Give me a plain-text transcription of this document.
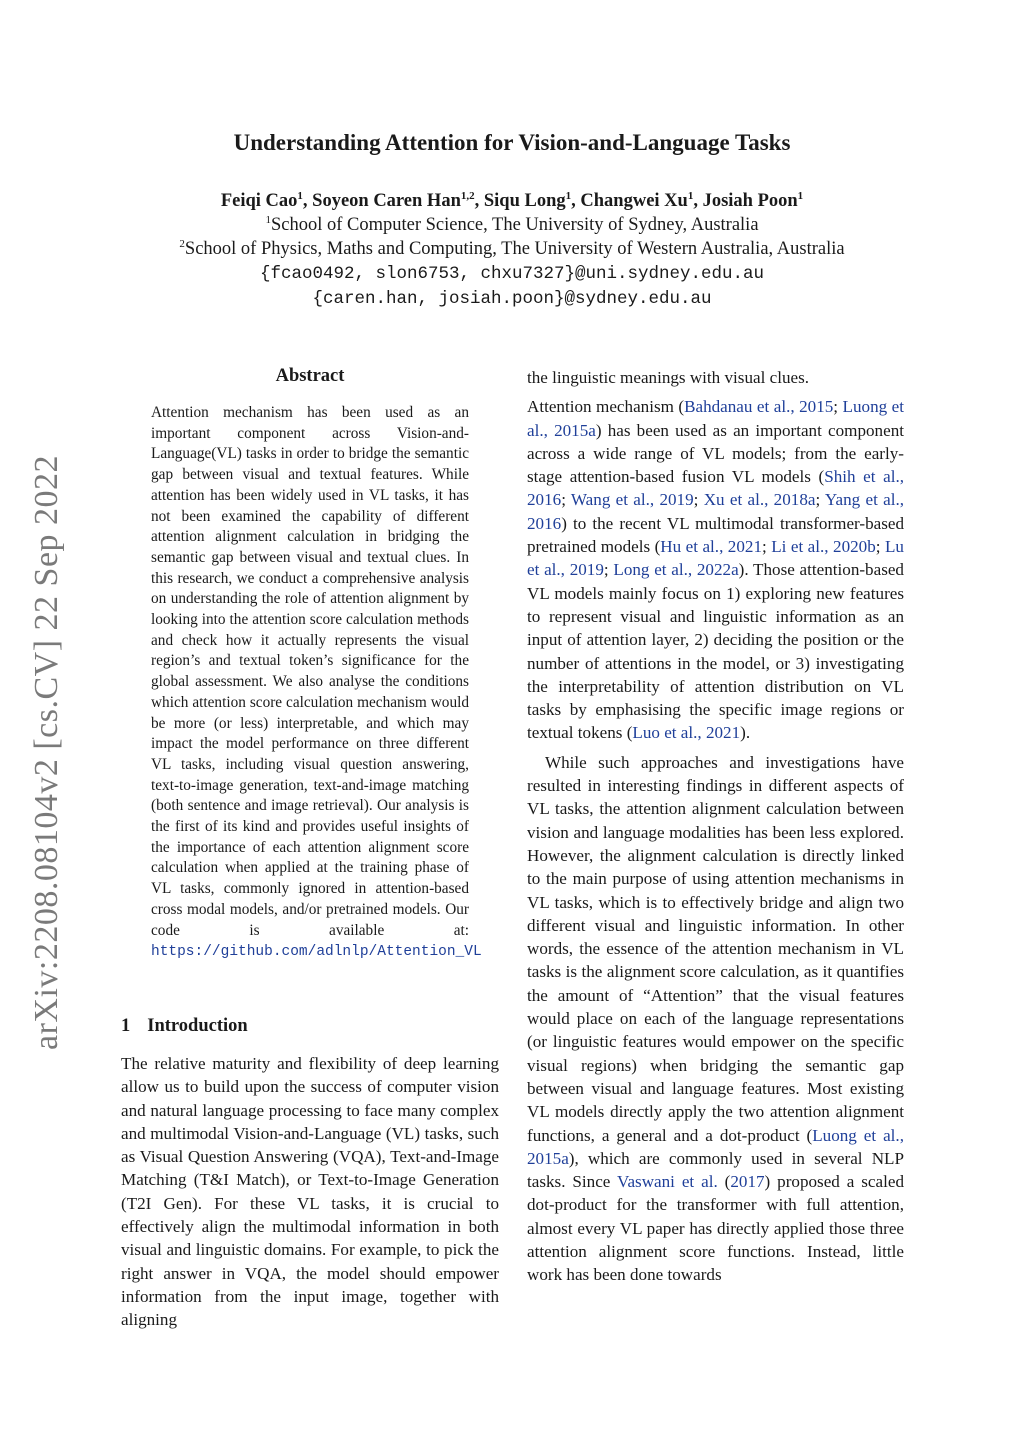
arXiv:2208.08104v2 [cs.CV] 22 Sep 2022

Understanding Attention for Vision-and-Language Tasks
Feiqi Cao$^1$, Soyeon Caren Han$^{1,2}$, Siqu Long$^1$, Changwei Xu$^1$, Josiah Poon$^1$
$^1$School of Computer Science, The University of Sydney, Australia
$^2$School of Physics, Maths and Computing, The University of Western Australia, Australia
{fcao0492, slon6753, chxu7327}@uni.sydney.edu.au
{caren.han, josiah.poon}@sydney.edu.au
Abstract

Attention mechanism has been used as an important component across Vision-and-Language(VL) tasks in order to bridge the semantic gap between visual and textual features. While attention has been widely used in VL tasks, it has not been examined the capability of different attention alignment calculation in bridging the semantic gap between visual and textual clues. In this research, we conduct a comprehensive analysis on understanding the role of attention alignment by looking into the attention score calculation methods and check how it actually represents the visual region’s and textual token’s significance for the global assessment. We also analyse the conditions which attention score calculation mechanism would be more (or less) interpretable, and which may impact the model performance on three different VL tasks, including visual question answering, text-to-image generation, text-and-image matching (both sentence and image retrieval). Our analysis is the first of its kind and provides useful insights of the importance of each attention alignment score calculation when applied at the training phase of VL tasks, commonly ignored in attention-based cross modal models, and/or pretrained models. Our code is available at: https://github.com/adlnlp/Attention_VL

1 Introduction

The relative maturity and flexibility of deep learning allow us to build upon the success of computer vision and natural language processing to face many complex and multimodal Vision-and-Language (VL) tasks, such as Visual Question Answering (VQA), Text-and-Image Matching (T&I Match), or Text-to-Image Generation (T2I Gen). For these VL tasks, it is crucial to effectively align the multimodal information in both visual and linguistic domains. For example, to pick the right answer in VQA, the model should empower information from the input image, together with aligning

the linguistic meanings with visual clues.

Attention mechanism (Bahdanau et al., 2015; Luong et al., 2015a) has been used as an important component across a wide range of VL models; from the early-stage attention-based fusion VL models (Shih et al., 2016; Wang et al., 2019; Xu et al., 2018a; Yang et al., 2016) to the recent VL multimodal transformer-based pretrained models (Hu et al., 2021; Li et al., 2020b; Lu et al., 2019; Long et al., 2022a). Those attention-based VL models mainly focus on 1) exploring new features to represent visual and linguistic information as an input of attention layer, 2) deciding the position or the number of attentions in the model, or 3) investigating the interpretability of attention distribution on VL tasks by emphasising the specific image regions or textual tokens (Luo et al., 2021).

While such approaches and investigations have resulted in interesting findings in different aspects of VL tasks, the attention alignment calculation between vision and language modalities has been less explored. However, the alignment calculation is directly linked to the main purpose of using attention mechanisms in VL tasks, which is to effectively bridge and align two different visual and linguistic information. In other words, the essence of the attention mechanism in VL tasks is the alignment score calculation, as it quantifies the amount of “Attention” that the visual features would place on each of the language representations (or linguistic features would empower on the specific visual regions) when bridging the semantic gap between visual and language features. Most existing VL models directly apply the two attention alignment functions, a general and a dot-product (Luong et al., 2015a), which are commonly used in several NLP tasks. Since Vaswani et al. (2017) proposed a scaled dot-product for the transformer with full attention, almost every VL paper has directly applied those three attention alignment score functions. Instead, little work has been done towards
